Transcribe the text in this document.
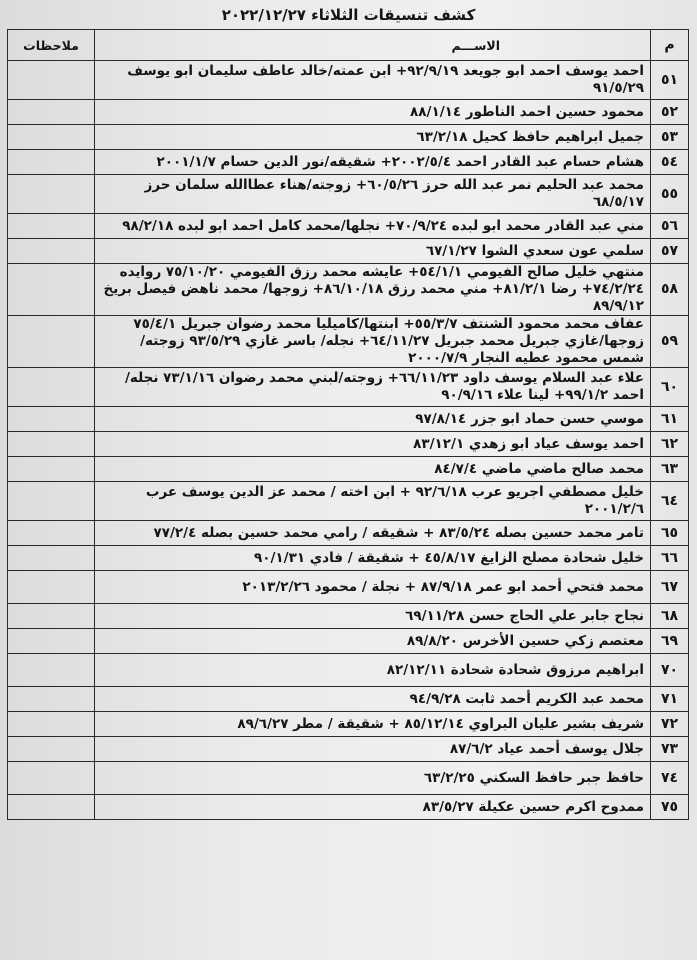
كشف تنسيقات الثلاثاء ٢٠٢٢/١٢/٢٧
م	الاســـم	ملاحظات
٥١	احمد يوسف احمد ابو جويعد ٩٢/٩/١٩+ ابن عمته/خالد عاطف سليمان ابو يوسف ٩١/٥/٢٩	
٥٢	محمود حسين احمد الناطور ٨٨/١/١٤	
٥٣	جميل ابراهيم حافظ كحيل ٦٣/٢/١٨	
٥٤	هشام حسام عبد القادر احمد ٢٠٠٢/٥/٤+ شقيقه/نور الدين حسام ٢٠٠١/١/٧	
٥٥	محمد عبد الحليم نمر عبد الله حرز ٦٠/٥/٢٦+ زوجته/هناء عطاالله سلمان حرز ٦٨/٥/١٧	
٥٦	مني عبد القادر محمد ابو لبده ٧٠/٩/٢٤+ نجلها/محمد كامل احمد ابو لبده ٩٨/٢/١٨	
٥٧	سلمي عون سعدي الشوا ٦٧/١/٢٧	
٥٨	منتهي خليل صالح الفيومي ٥٤/١/١+ عايشه محمد رزق الفيومي ٧٥/١٠/٢٠ روايده ٧٤/٢/٢٤+ رضا ٨١/٢/١+ مني محمد رزق ٨٦/١٠/١٨+ زوجها/ محمد ناهض فيصل بريخ ٨٩/٩/١٢	
٥٩	عفاف محمد محمود الشنتف ٥٥/٣/٧+ ابنتها/كاميليا محمد رضوان جبريل ٧٥/٤/١ زوجها/غازي جبريل محمد جبريل ٦٤/١١/٢٧+ نجله/ باسر غازي ٩٣/٥/٢٩ زوجته/شمس محمود عطيه النجار ٢٠٠٠/٧/٩	
٦٠	علاء عبد السلام يوسف داود ٦٦/١١/٢٣+ زوجته/لبني محمد رضوان ٧٣/١/١٦ نجله/ احمد ٩٩/١/٢+ لينا علاء ٩٠/٩/١٦	
٦١	موسي حسن حماد ابو جزر ٩٧/٨/١٤	
٦٢	احمد يوسف عياد ابو زهدي ٨٣/١٢/١	
٦٣	محمد صالح ماضي ماضي ٨٤/٧/٤	
٦٤	خليل مصطفي اجريو عرب ٩٢/٦/١٨ + ابن اخته / محمد عز الدين يوسف عرب ٢٠٠١/٢/٦	
٦٥	تامر محمد حسين بصله ٨٣/٥/٢٤ + شقيقه / رامي محمد حسين بصله ٧٧/٢/٤	
٦٦	خليل شحادة مصلح الزايغ ٤٥/٨/١٧ + شقيقة / فادي ٩٠/١/٣١	
٦٧	محمد فتحي أحمد ابو عمر ٨٧/٩/١٨ + نجلة / محمود ٢٠١٣/٢/٢٦	
٦٨	نجاح جابر علي الحاج حسن ٦٩/١١/٢٨	
٦٩	معتصم زكي حسين الأخرس ٨٩/٨/٢٠	
٧٠	ابراهيم مرزوق شحادة شحادة ٨٢/١٢/١١	
٧١	محمد عبد الكريم أحمد ثابت ٩٤/٩/٢٨	
٧٢	شريف بشير عليان البراوي ٨٥/١٢/١٤ + شقيقة / مطر ٨٩/٦/٢٧	
٧٣	جلال يوسف أحمد عياد ٨٧/٦/٢	
٧٤	حافظ جبر حافظ السكني ٦٣/٢/٢٥	
٧٥	ممدوح اكرم حسين عكيلة ٨٣/٥/٢٧	
